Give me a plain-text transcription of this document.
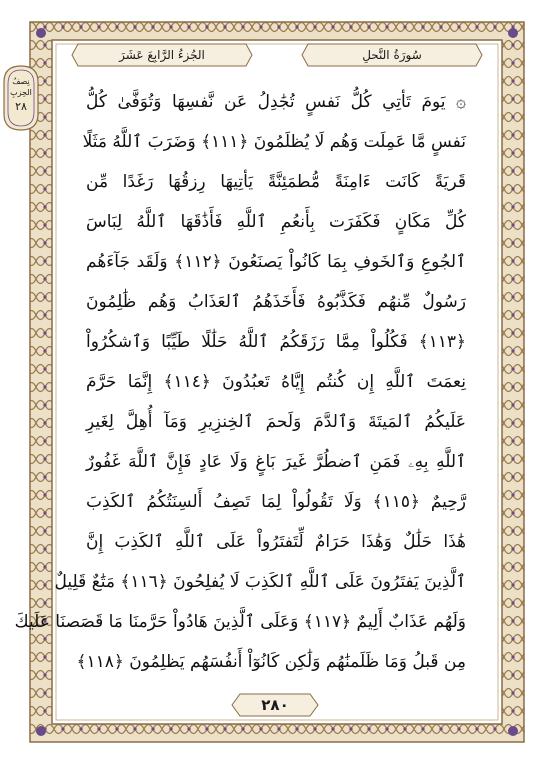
الجُزءُ الرَّابِعَ عَشَرَ	سُورَةُ النَّحلِ
نِصفُ الحِزبِ
٢٨	۞ يَومَ تَأتِي كُلُّ نَفسٍ تُجَٰدِلُ عَن نَّفسِهَا وَتُوَفَّىٰ كُلُّ
نَفسٍ مَّا عَمِلَت وَهُم لَا يُظلَمُونَ ﴿١١١﴾ وَضَرَبَ ٱللَّهُ مَثَلًا
قَريَةً كَانَت ءَامِنَةً مُّطمَئِنَّةً يَأتِيهَا رِزقُهَا رَغَدًا مِّن
كُلِّ مَكَانٍ فَكَفَرَت بِأَنعُمِ ٱللَّهِ فَأَذَٰقَهَا ٱللَّهُ لِبَاسَ
ٱلجُوعِ وَٱلخَوفِ بِمَا كَانُواْ يَصنَعُونَ ﴿١١٢﴾ وَلَقَد جَآءَهُم
رَسُولٌ مِّنهُم فَكَذَّبُوهُ فَأَخَذَهُمُ ٱلعَذَابُ وَهُم ظَٰلِمُونَ
﴿١١٣﴾ فَكُلُواْ مِمَّا رَزَقَكُمُ ٱللَّهُ حَلَٰلًا طَيِّبًا وَٱشكُرُواْ
نِعمَتَ ٱللَّهِ إِن كُنتُم إِيَّاهُ تَعبُدُونَ ﴿١١٤﴾ إِنَّمَا حَرَّمَ
عَلَيكُمُ ٱلمَيتَةَ وَٱلدَّمَ وَلَحمَ ٱلخِنزِيرِ وَمَآ أُهِلَّ لِغَيرِ
ٱللَّهِ بِهِۦ فَمَنِ ٱضطُرَّ غَيرَ بَاغٍ وَلَا عَادٍ فَإِنَّ ٱللَّهَ غَفُورٌ
رَّحِيمٌ ﴿١١٥﴾ وَلَا تَقُولُواْ لِمَا تَصِفُ أَلسِنَتُكُمُ ٱلكَذِبَ
هَٰذَا حَلَٰلٌ وَهَٰذَا حَرَامٌ لِّتَفتَرُواْ عَلَى ٱللَّهِ ٱلكَذِبَ إِنَّ
ٱلَّذِينَ يَفتَرُونَ عَلَى ٱللَّهِ ٱلكَذِبَ لَا يُفلِحُونَ ﴿١١٦﴾ مَتَٰعٌ قَلِيلٌ
وَلَهُم عَذَابٌ أَلِيمٌ ﴿١١٧﴾ وَعَلَى ٱلَّذِينَ هَادُواْ حَرَّمنَا مَا قَصَصنَا عَلَيكَ
مِن قَبلُ وَمَا ظَلَمنَٰهُم وَلَٰكِن كَانُوٓاْ أَنفُسَهُم يَظلِمُونَ ﴿١١٨﴾
٢٨٠
